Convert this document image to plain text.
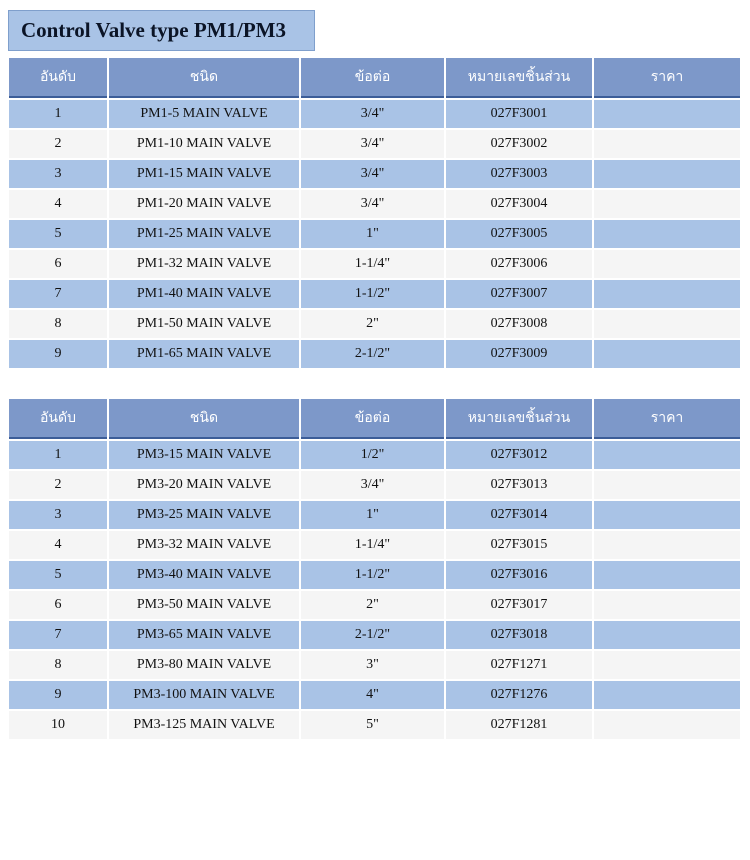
Control Valve type PM1/PM3
อันดับ	ชนิด	ข้อต่อ	หมายเลขชิ้นส่วน	ราคา
1	PM1-5 MAIN VALVE	3/4"	027F3001	
2	PM1-10 MAIN VALVE	3/4"	027F3002	
3	PM1-15 MAIN VALVE	3/4"	027F3003	
4	PM1-20 MAIN VALVE	3/4"	027F3004	
5	PM1-25 MAIN VALVE	1"	027F3005	
6	PM1-32 MAIN VALVE	1-1/4"	027F3006	
7	PM1-40 MAIN VALVE	1-1/2"	027F3007	
8	PM1-50 MAIN VALVE	2"	027F3008	
9	PM1-65 MAIN VALVE	2-1/2"	027F3009	
อันดับ	ชนิด	ข้อต่อ	หมายเลขชิ้นส่วน	ราคา
1	PM3-15 MAIN VALVE	1/2"	027F3012	
2	PM3-20 MAIN VALVE	3/4"	027F3013	
3	PM3-25 MAIN VALVE	1"	027F3014	
4	PM3-32 MAIN VALVE	1-1/4"	027F3015	
5	PM3-40 MAIN VALVE	1-1/2"	027F3016	
6	PM3-50 MAIN VALVE	2"	027F3017	
7	PM3-65 MAIN VALVE	2-1/2"	027F3018	
8	PM3-80 MAIN VALVE	3"	027F1271	
9	PM3-100 MAIN VALVE	4"	027F1276	
10	PM3-125 MAIN VALVE	5"	027F1281	
